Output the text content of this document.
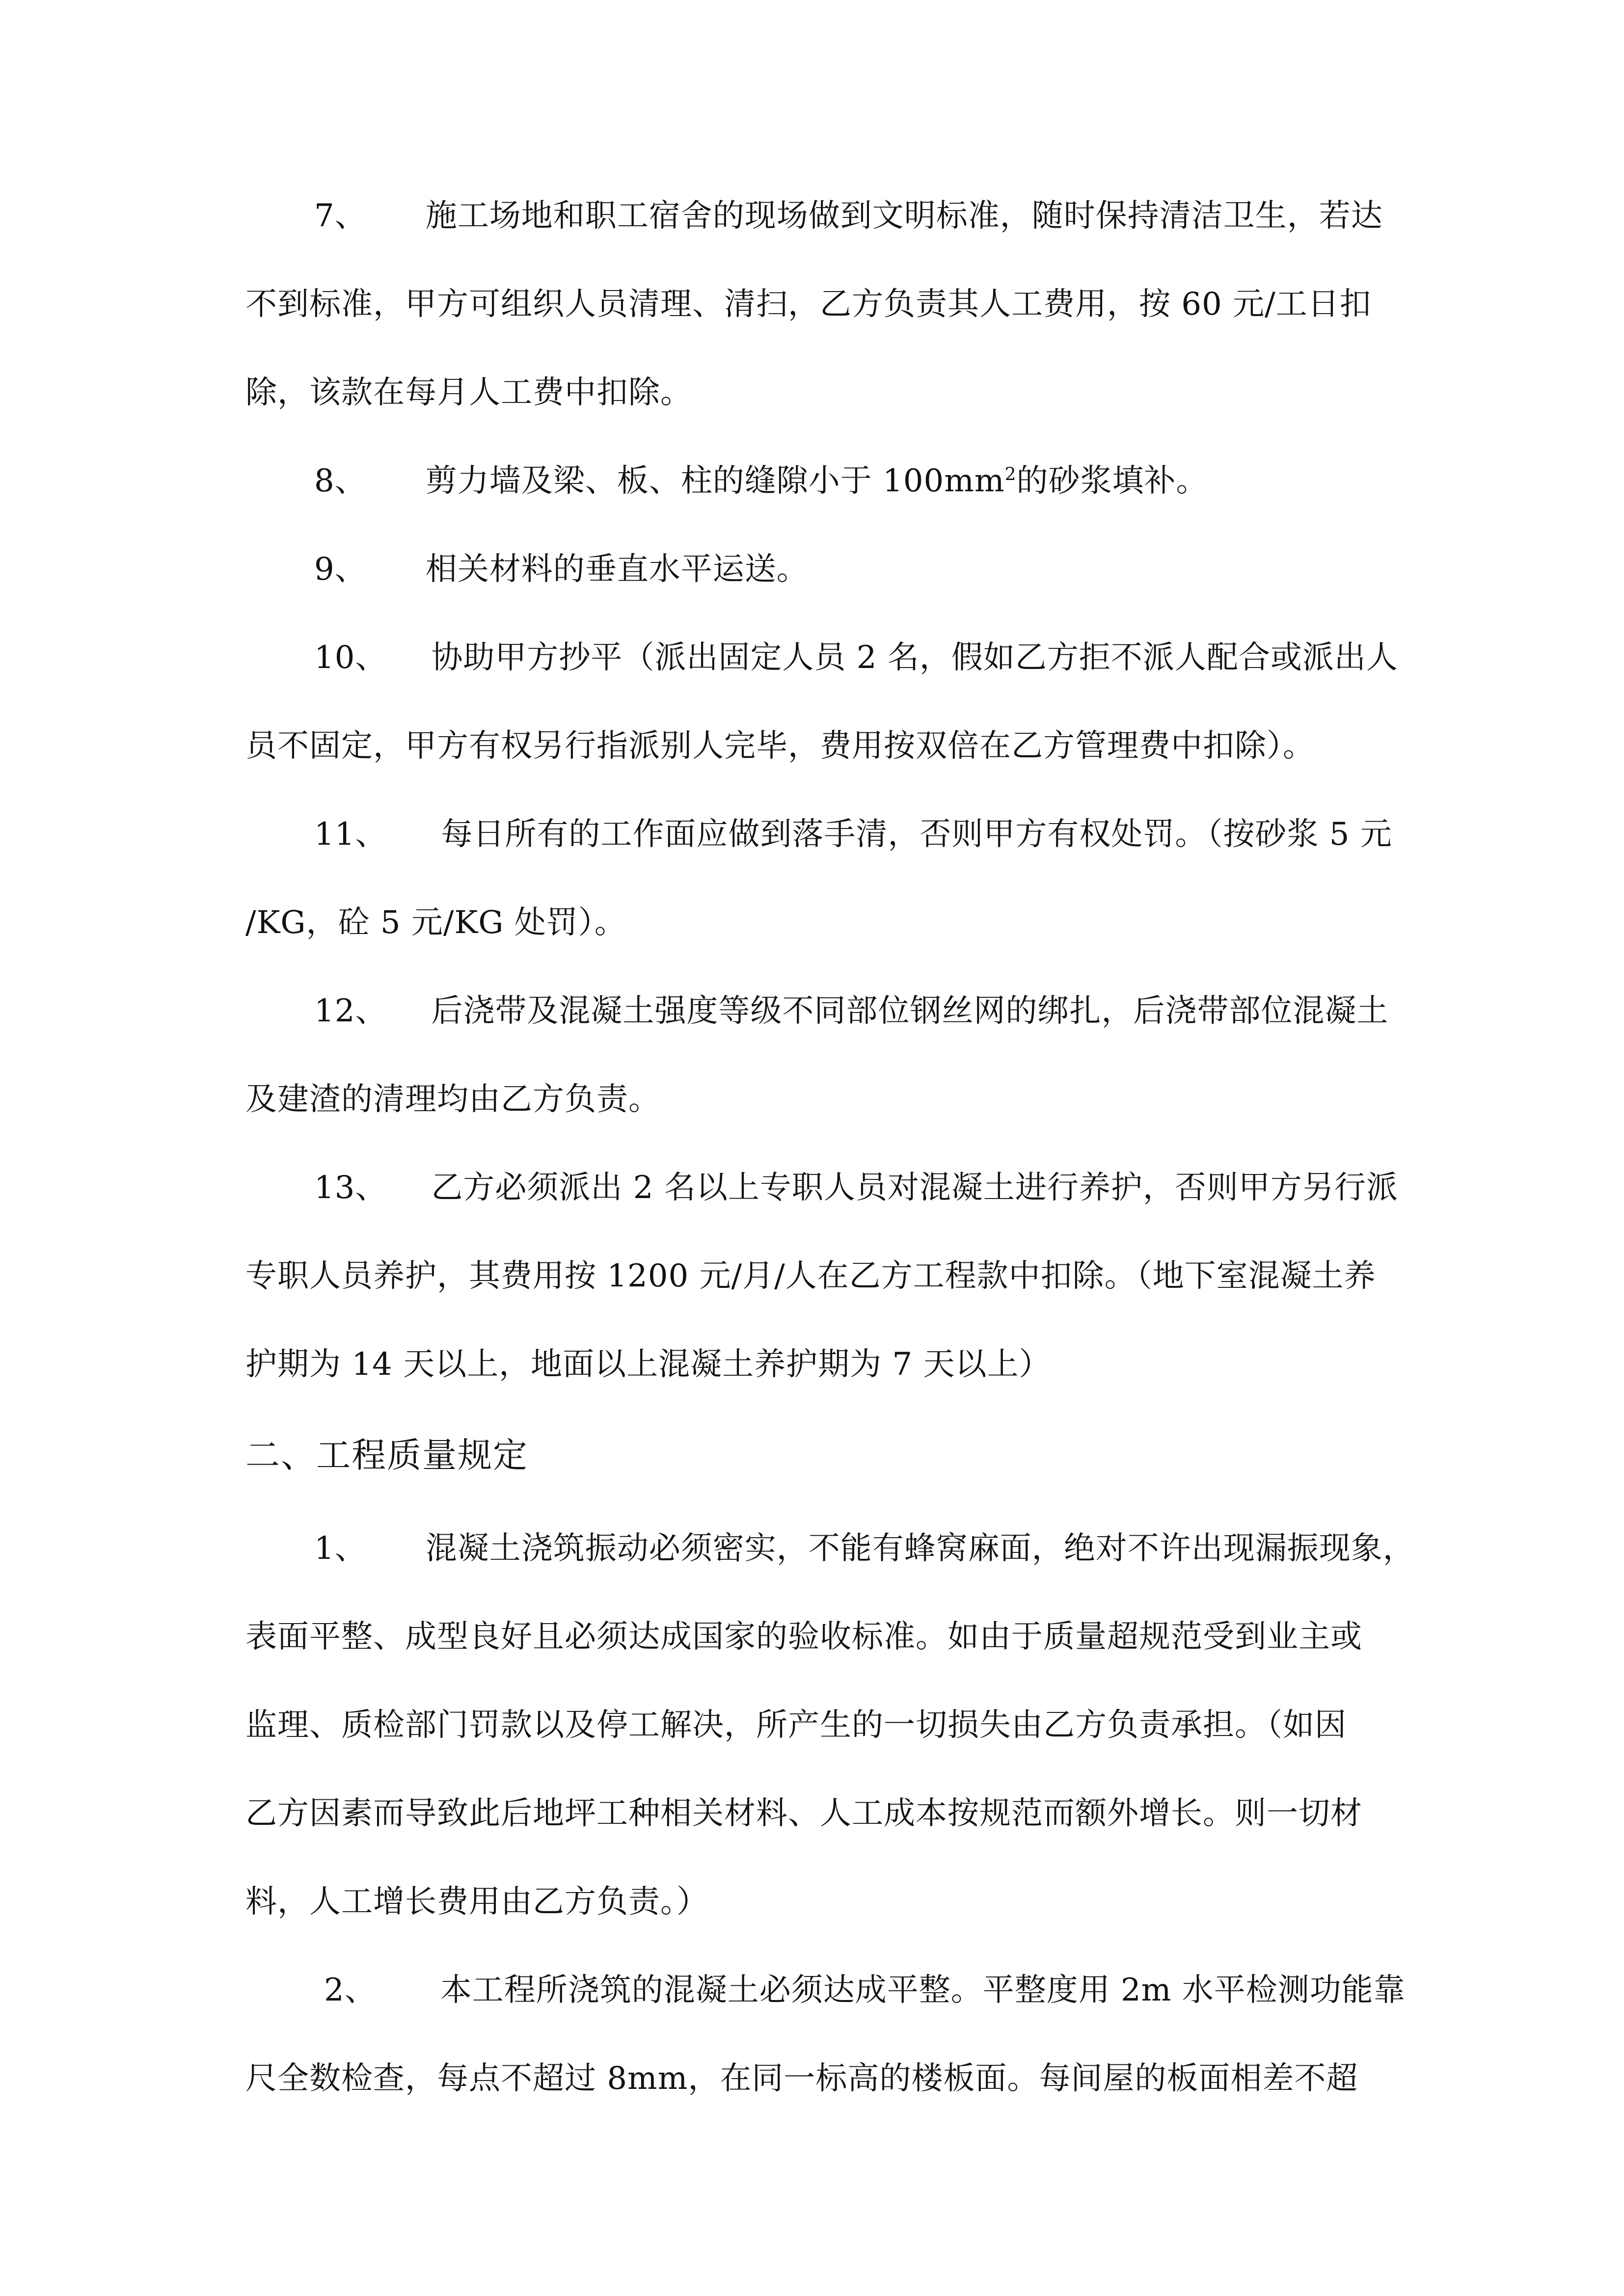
7、 施工场地和职工宿舍的现场做到文明标准，随时保持清洁卫生，若达
不到标准，甲方可组织人员清理、清扫，乙方负责其人工费用，按 60 元/工日扣
除，该款在每月人工费中扣除。
8、 剪力墙及梁、板、柱的缝隙小于 $100mm^2$的砂浆填补。
9、 相关材料的垂直水平运送。
10、 协助甲方抄平（派出固定人员 2 名，假如乙方拒不派人配合或派出人
员不固定，甲方有权另行指派别人完毕，费用按双倍在乙方管理费中扣除）。
11、 每日所有的工作面应做到落手清，否则甲方有权处罚。（按砂浆 5 元
/KG，砼 5 元/KG 处罚）。
12、 后浇带及混凝土强度等级不同部位钢丝网的绑扎，后浇带部位混凝土
及建渣的清理均由乙方负责。
13、 乙方必须派出 2 名以上专职人员对混凝土进行养护，否则甲方另行派
专职人员养护，其费用按 1200 元/月/人在乙方工程款中扣除。（地下室混凝土养
护期为 14 天以上，地面以上混凝土养护期为 7 天以上）
二、工程质量规定
1、 混凝土浇筑振动必须密实，不能有蜂窝麻面，绝对不许出现漏振现象，
表面平整、成型良好且必须达成国家的验收标准。如由于质量超规范受到业主或
监理、质检部门罚款以及停工解决，所产生的一切损失由乙方负责承担。（如因
乙方因素而导致此后地坪工种相关材料、人工成本按规范而额外增长。则一切材
料，人工增长费用由乙方负责。）
2、 本工程所浇筑的混凝土必须达成平整。平整度用 2m 水平检测功能靠
尺全数检查，每点不超过 8mm，在同一标高的楼板面。每间屋的板面相差不超
